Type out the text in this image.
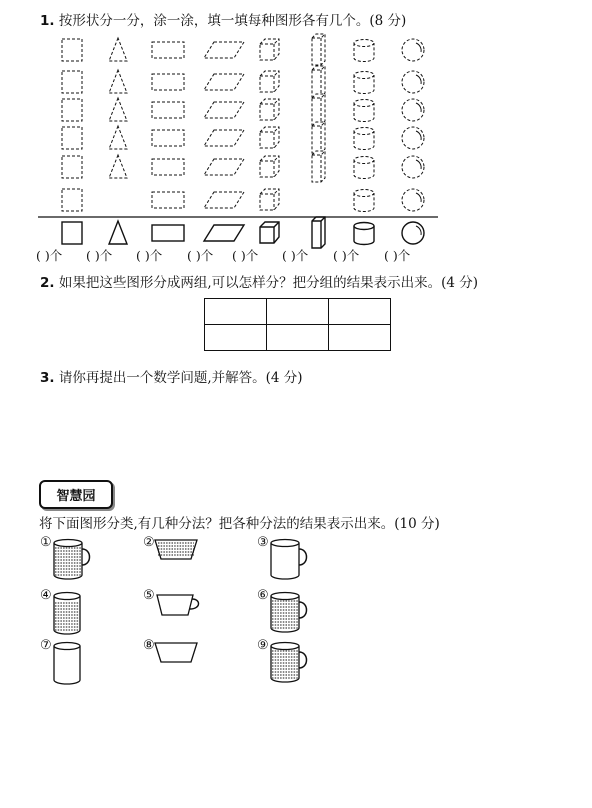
1. 按形状分一分，涂一涂，填一填每种图形各有几个。(8 分)
( )个 ( )个 ( )个 ( )个 ( )个 ( )个 ( )个 ( )个
2. 如果把这些图形分成两组,可以怎样分？把分组的结果表示出来。(4 分)

3. 请你再提出一个数学问题,并解答。(4 分)
智慧园
将下面图形分类,有几种分法？把各种分法的结果表示出来。(10 分)
①	②	③
④	⑤	⑥
⑦	⑧	⑨
